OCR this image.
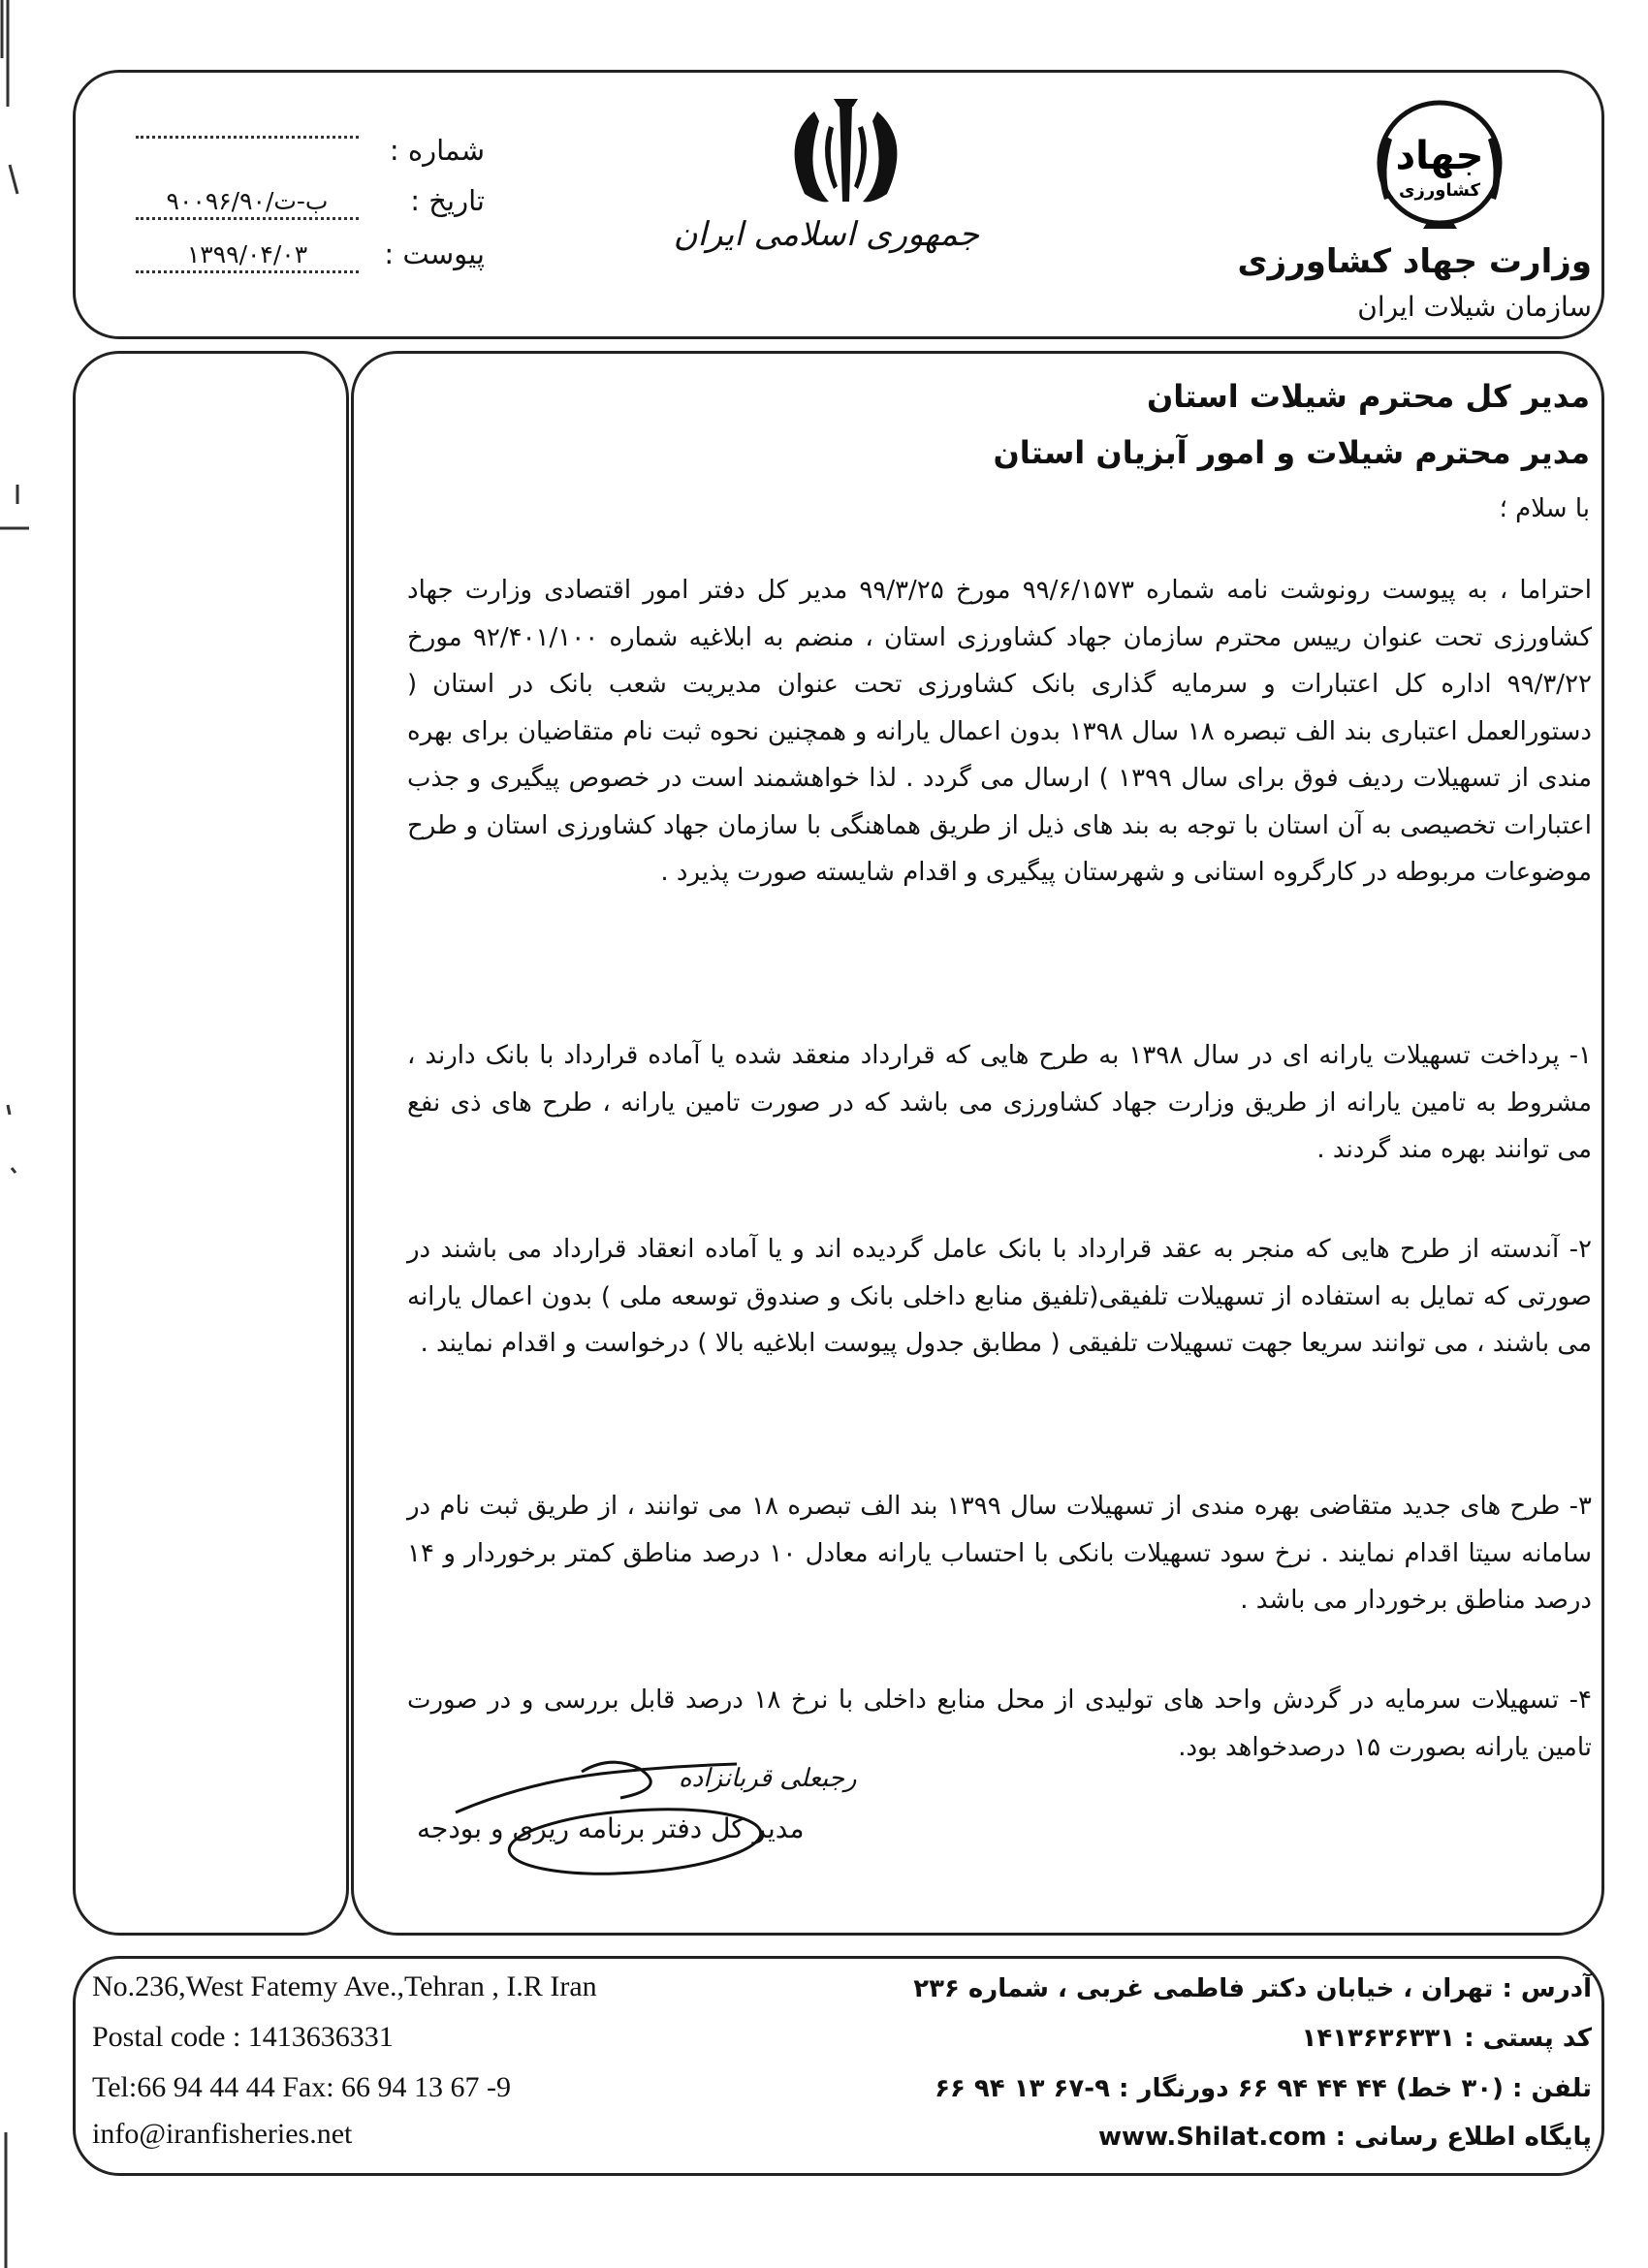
جهاد
کشاورزی
وزارت جهاد کشاورزی
سازمان شیلات ایران
جمهوری اسلامی ایران
شماره :
تاریخ :
۹۰۰۹۶/۹۰/ب-ت
پیوست :
۱۳۹۹/۰۴/۰۳
مدیر کل محترم شیلات استان
مدیر محترم شیلات و امور آبزیان استان
با سلام ؛
احتراما ، به پیوست رونوشت نامه شماره ۹۹/۶/۱۵۷۳ مورخ ۹۹/۳/۲۵ مدیر کل دفتر امور اقتصادی وزارت جهاد کشاورزی تحت عنوان رییس محترم سازمان جهاد کشاورزی استان ، منضم به ابلاغیه شماره ۹۲/۴۰۱/۱۰۰ مورخ ۹۹/۳/۲۲ اداره کل اعتبارات و سرمایه گذاری بانک کشاورزی تحت عنوان مدیریت شعب بانک در استان ( دستورالعمل اعتباری بند الف تبصره ۱۸ سال ۱۳۹۸ بدون اعمال یارانه و همچنین نحوه ثبت نام متقاضیان برای بهره مندی از تسهیلات ردیف فوق برای سال ۱۳۹۹ ) ارسال می گردد . لذا خواهشمند است در خصوص پیگیری و جذب اعتبارات تخصیصی به آن استان با توجه به بند های ذیل از طریق هماهنگی با سازمان جهاد کشاورزی استان و طرح موضوعات مربوطه در کارگروه استانی و شهرستان پیگیری و اقدام شایسته صورت پذیرد .
۱- پرداخت تسهیلات یارانه ای در سال ۱۳۹۸ به طرح هایی که قرارداد منعقد شده یا آماده قرارداد با بانک دارند ، مشروط به تامین یارانه از طریق وزارت جهاد کشاورزی می باشد که در صورت تامین یارانه ، طرح های ذی نفع می توانند بهره مند گردند .
۲- آندسته از طرح هایی که منجر به عقد قرارداد با بانک عامل گردیده اند و یا آماده انعقاد قرارداد می باشند در صورتی که تمایل به استفاده از تسهیلات تلفیقی(تلفیق منابع داخلی بانک و صندوق توسعه ملی ) بدون اعمال یارانه می باشند ، می توانند سریعا جهت تسهیلات تلفیقی ( مطابق جدول پیوست ابلاغیه بالا ) درخواست و اقدام نمایند .
۳- طرح های جدید متقاضی بهره مندی از تسهیلات سال ۱۳۹۹ بند الف تبصره ۱۸ می توانند ، از طریق ثبت نام در سامانه سیتا اقدام نمایند . نرخ سود تسهیلات بانکی با احتساب یارانه معادل ۱۰ درصد مناطق کمتر برخوردار و ۱۴ درصد مناطق برخوردار می باشد .
۴- تسهیلات سرمایه در گردش واحد های تولیدی از محل منابع داخلی با نرخ ۱۸ درصد قابل بررسی و در صورت تامین یارانه بصورت ۱۵ درصدخواهد بود.
رجبعلی قربانزاده
مدیر کل دفتر برنامه ریزی و بودجه
No.236,West Fatemy Ave.,Tehran , I.R Iran
Postal code : 1413636331
Tel:66 94 44 44 Fax: 66 94 13 67 -9
info@iranfisheries.net
آدرس : تهران ، خیابان دکتر فاطمی غربی ، شماره ۲۳۶
کد پستی : ۱۴۱۳۶۳۶۳۳۱
تلفن : (۳۰ خط) ۴۴ ۴۴ ۹۴ ۶۶ دورنگار : ۹-۶۷ ۱۳ ۹۴ ۶۶
پایگاه اطلاع رسانی : www.Shilat.com
